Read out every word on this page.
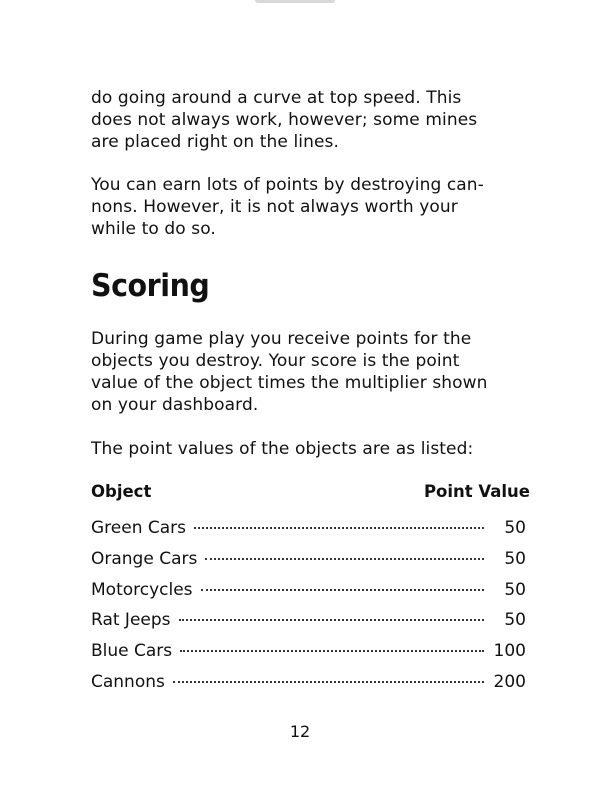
do going around a curve at top speed. This
does not always work, however; some mines
are placed right on the lines.

You can earn lots of points by destroying can-
nons. However, it is not always worth your
while to do so.

Scoring

During game play you receive points for the
objects you destroy. Your score is the point
value of the object times the multiplier shown
on your dashboard.

The point values of the objects are as listed:

Object	Point Value
Green Cars	50
Orange Cars	50
Motorcycles	50
Rat Jeeps	50
Blue Cars	100
Cannons	200
12
